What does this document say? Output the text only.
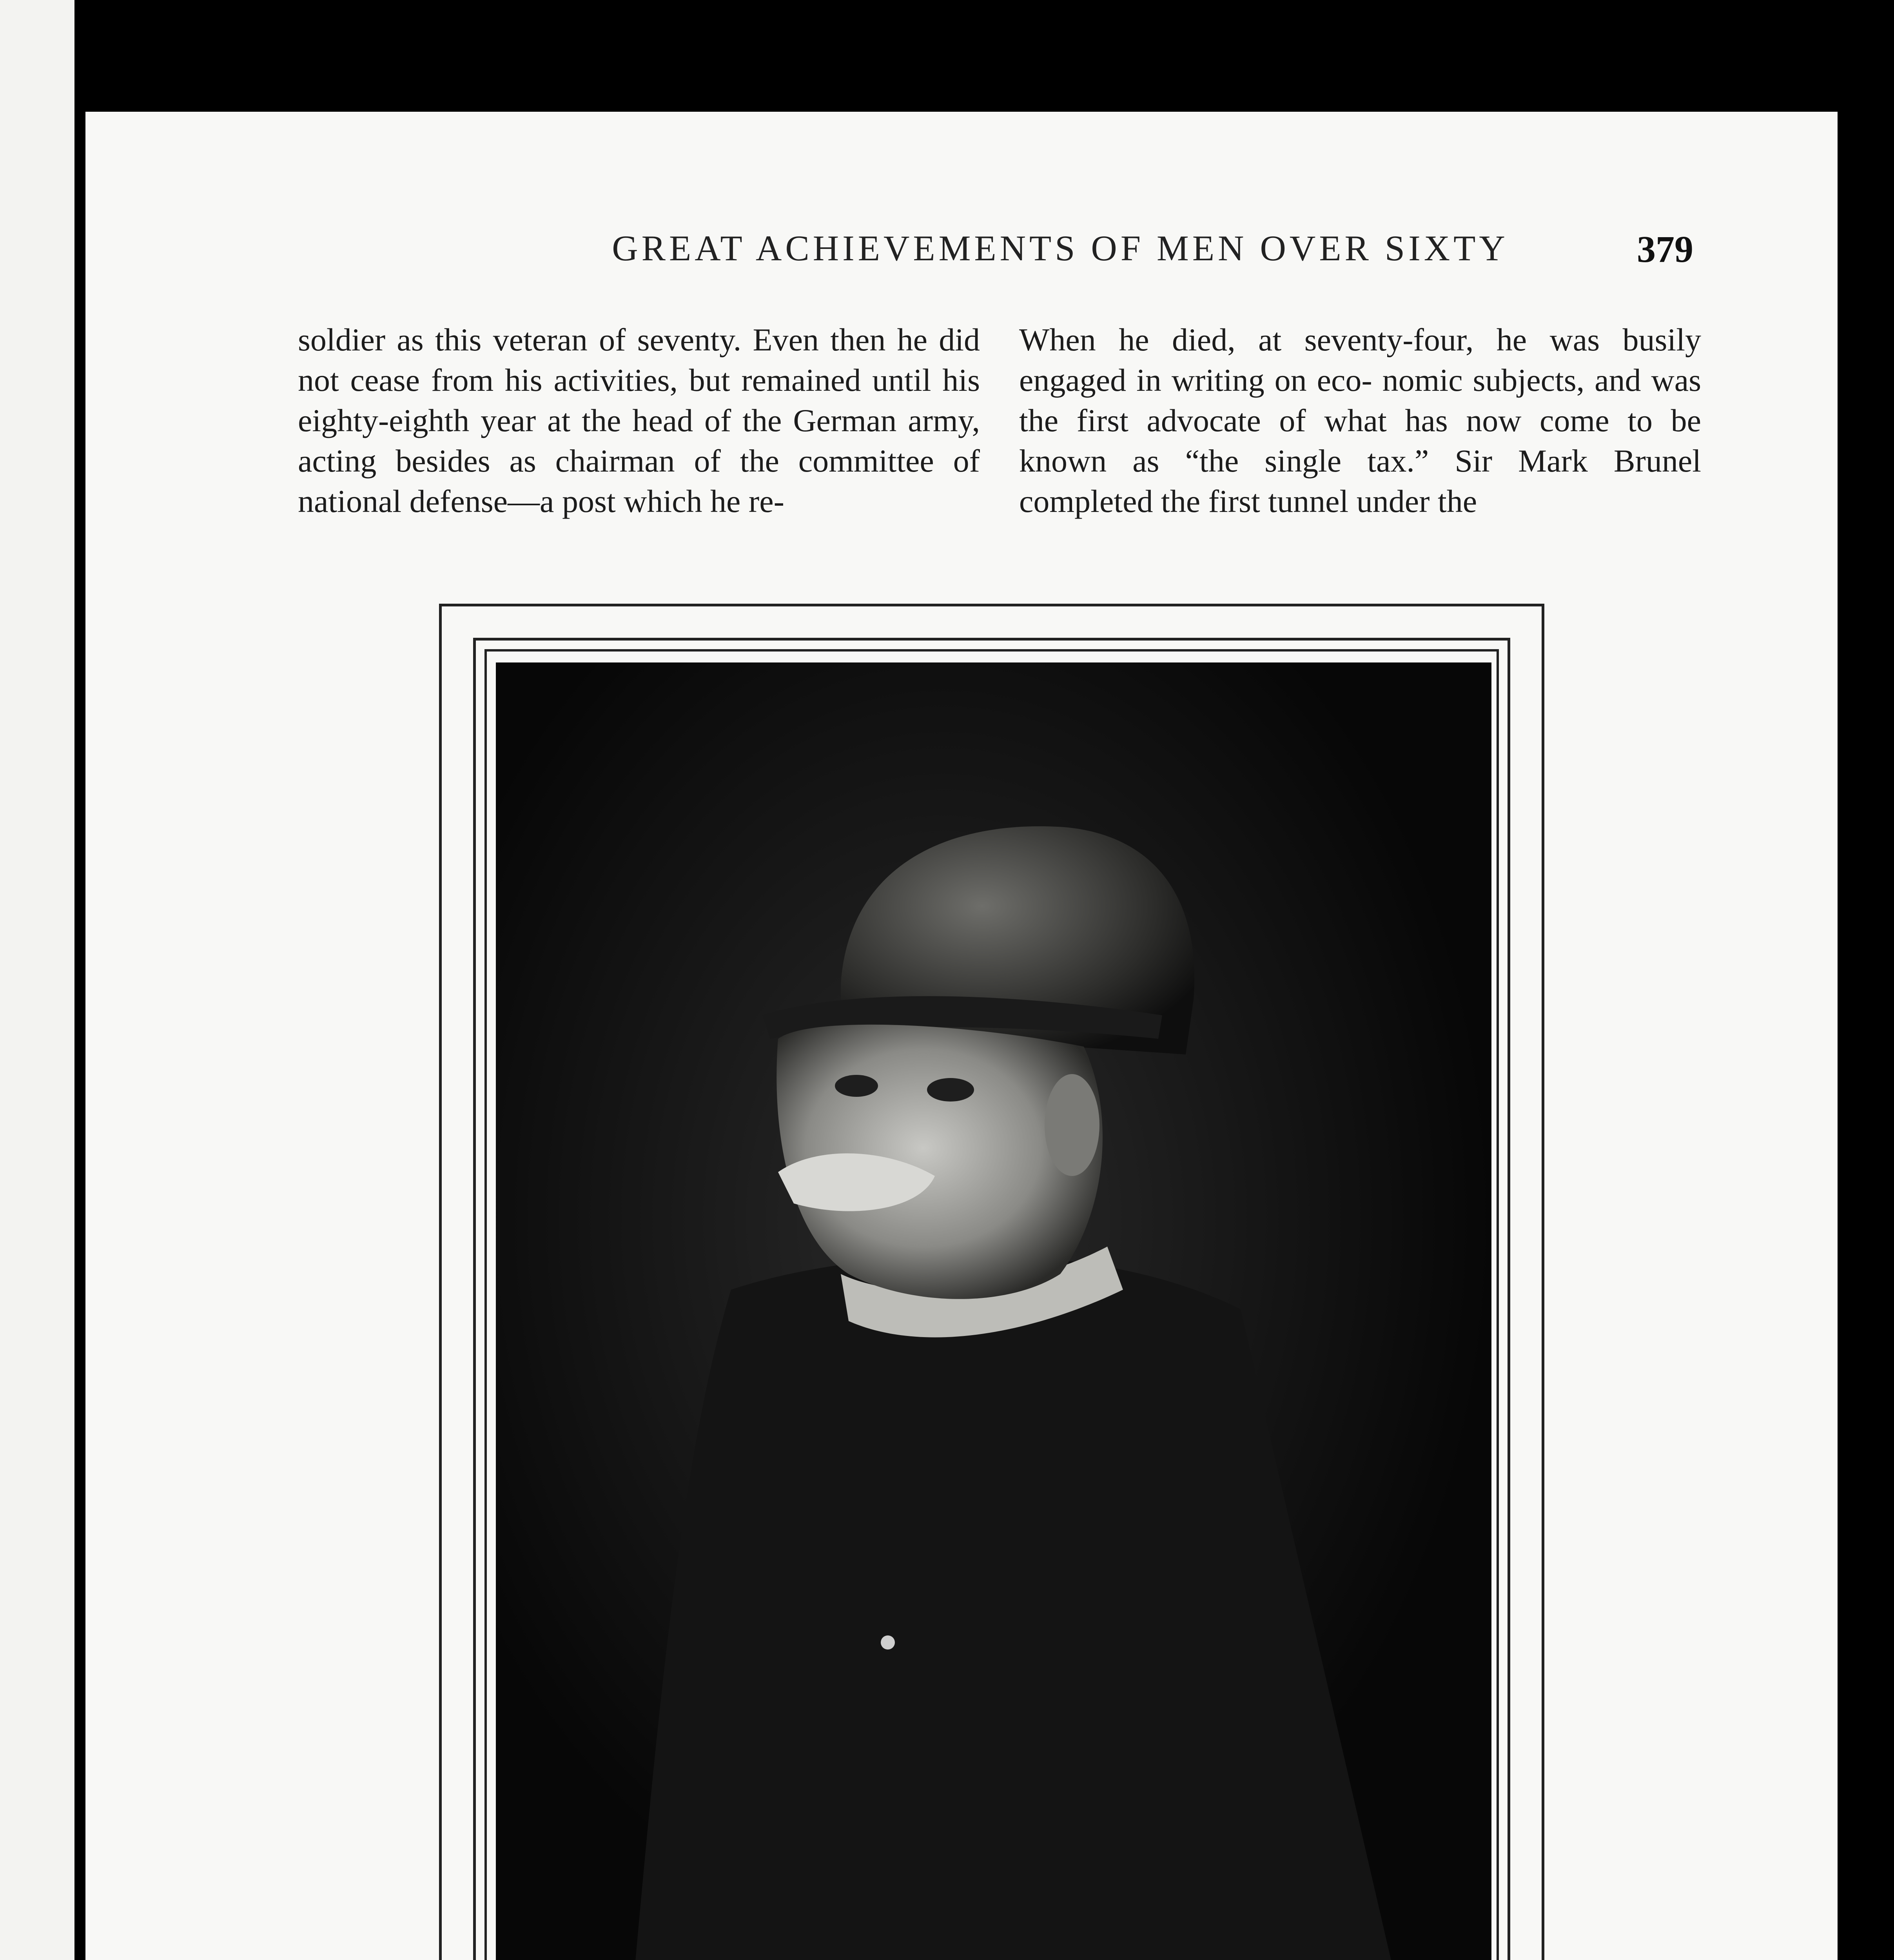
GREAT ACHIEVEMENTS OF MEN OVER SIXTY	379

soldier as this veteran of seventy. Even then he did not cease from his activities, but remained until his eighty-eighth year at the head of the German army, acting besides as chairman of the committee of national defense—a post which he re-

When he died, at seventy-four, he was busily engaged in writing on eco- nomic subjects, and was the first advocate of what has now come to be known as “the single tax.” Sir Mark Brunel completed the first tunnel under the
